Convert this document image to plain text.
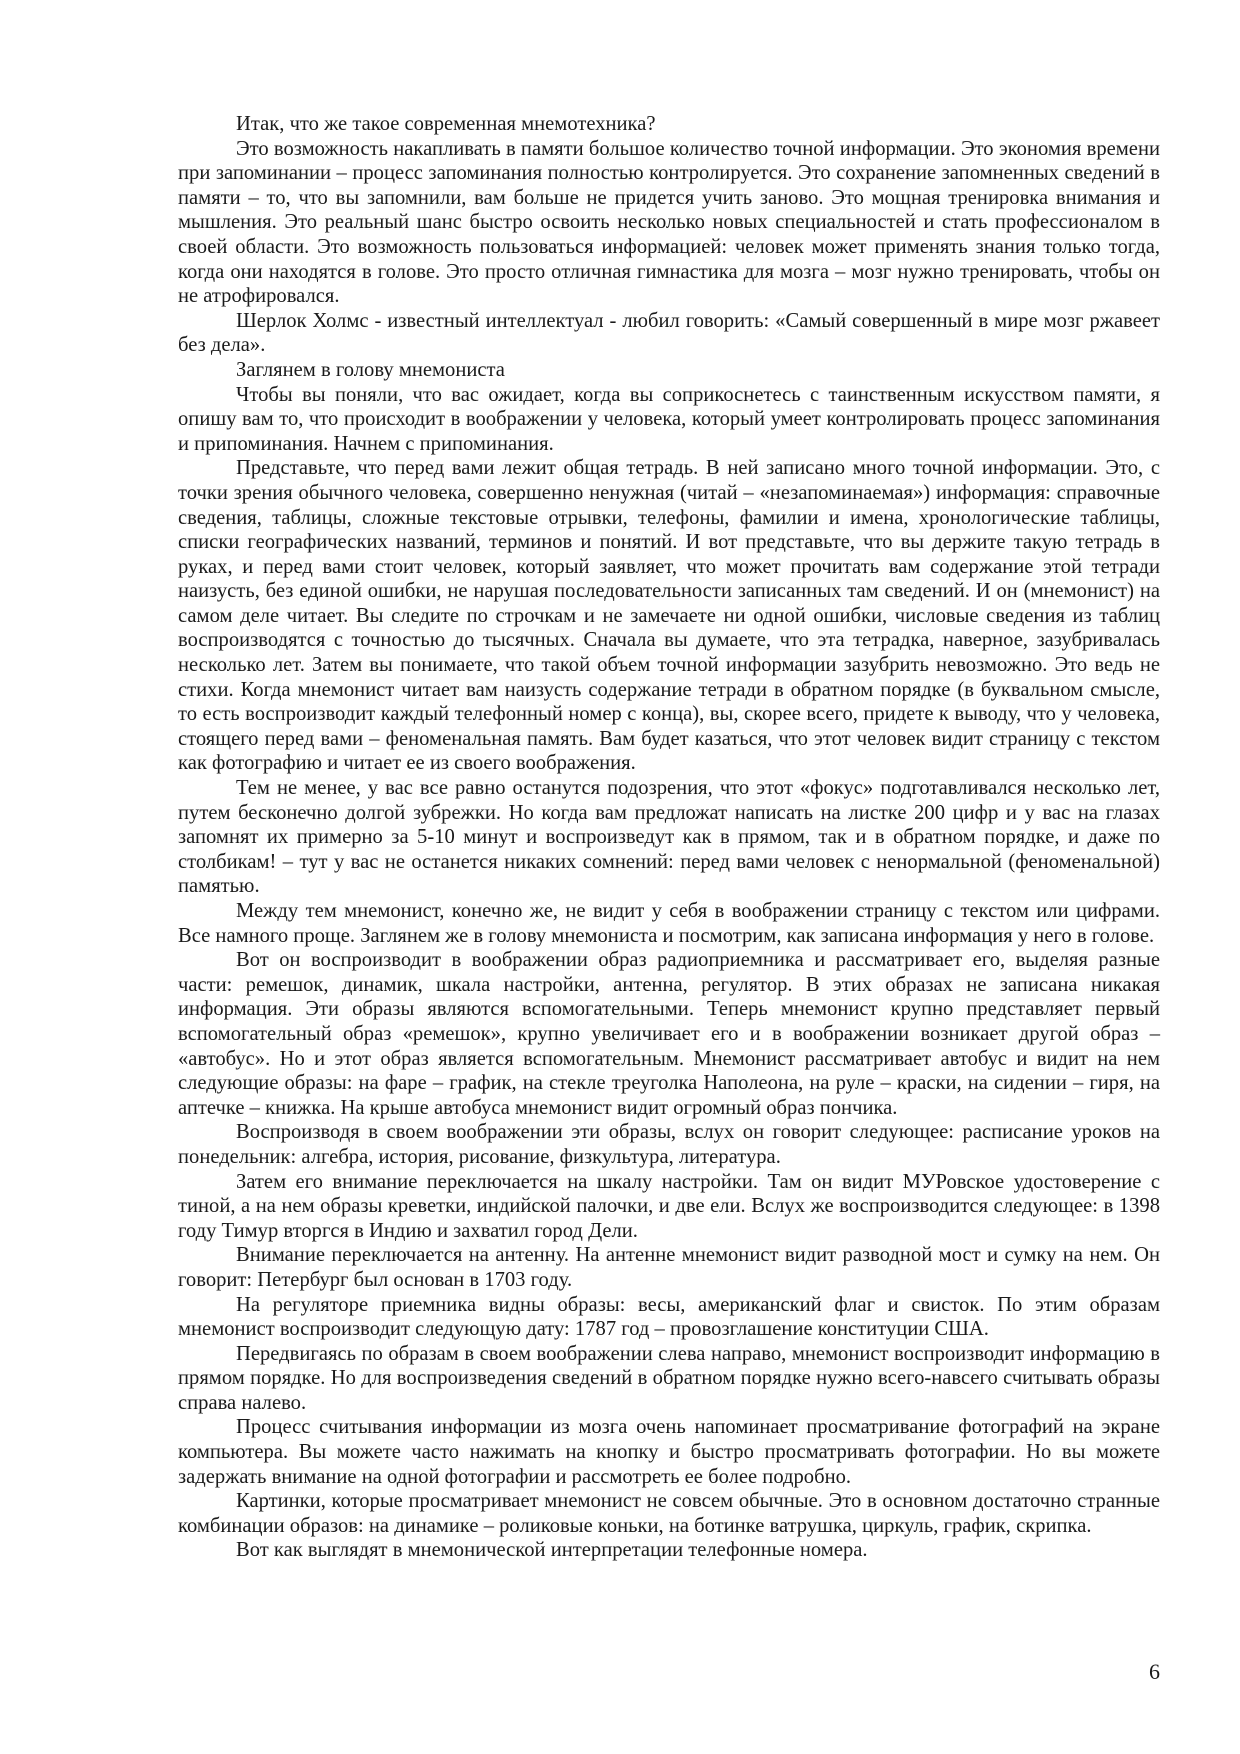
Итак, что же такое современная мнемотехника?

Это возможность накапливать в памяти большое количество точной информации. Это экономия времени при запоминании – процесс запоминания полностью контролируется. Это сохранение запомненных сведений в памяти – то, что вы запомнили, вам больше не придется учить заново. Это мощная тренировка внимания и мышления. Это реальный шанс быстро освоить несколько новых специальностей и стать профессионалом в своей области. Это возможность пользоваться информацией: человек может применять знания только тогда, когда они находятся в голове. Это просто отличная гимнастика для мозга – мозг нужно тренировать, чтобы он не атрофировался.

Шерлок Холмс - известный интеллектуал - любил говорить: «Самый совершенный в мире мозг ржавеет без дела».

Заглянем в голову мнемониста

Чтобы вы поняли, что вас ожидает, когда вы соприкоснетесь с таинственным искусством памяти, я опишу вам то, что происходит в воображении у человека, который умеет контролировать процесс запоминания и припоминания. Начнем с припоминания.

Представьте, что перед вами лежит общая тетрадь. В ней записано много точной информации. Это, с точки зрения обычного человека, совершенно ненужная (читай – «незапоминаемая») информация: справочные сведения, таблицы, сложные текстовые отрывки, телефоны, фамилии и имена, хронологические таблицы, списки географических названий, терминов и понятий. И вот представьте, что вы держите такую тетрадь в руках, и перед вами стоит человек, который заявляет, что может прочитать вам содержание этой тетради наизусть, без единой ошибки, не нарушая последовательности записанных там сведений. И он (мнемонист) на самом деле читает. Вы следите по строчкам и не замечаете ни одной ошибки, числовые сведения из таблиц воспроизводятся с точностью до тысячных. Сначала вы думаете, что эта тетрадка, наверное, зазубривалась несколько лет. Затем вы понимаете, что такой объем точной информации зазубрить невозможно. Это ведь не стихи. Когда мнемонист читает вам наизусть содержание тетради в обратном порядке (в буквальном смысле, то есть воспроизводит каждый телефонный номер с конца), вы, скорее всего, придете к выводу, что у человека, стоящего перед вами – феноменальная память. Вам будет казаться, что этот человек видит страницу с текстом как фотографию и читает ее из своего воображения.

Тем не менее, у вас все равно останутся подозрения, что этот «фокус» подготавливался несколько лет, путем бесконечно долгой зубрежки. Но когда вам предложат написать на листке 200 цифр и у вас на глазах запомнят их примерно за 5-10 минут и воспроизведут как в прямом, так и в обратном порядке, и даже по столбикам! – тут у вас не останется никаких сомнений: перед вами человек с ненормальной (феноменальной) памятью.

Между тем мнемонист, конечно же, не видит у себя в воображении страницу с текстом или цифрами. Все намного проще. Заглянем же в голову мнемониста и посмотрим, как записана информация у него в голове.

Вот он воспроизводит в воображении образ радиоприемника и рассматривает его, выделяя разные части: ремешок, динамик, шкала настройки, антенна, регулятор. В этих образах не записана никакая информация. Эти образы являются вспомогательными. Теперь мнемонист крупно представляет первый вспомогательный образ «ремешок», крупно увеличивает его и в воображении возникает другой образ – «автобус». Но и этот образ является вспомогательным. Мнемонист рассматривает автобус и видит на нем следующие образы: на фаре – график, на стекле треуголка Наполеона, на руле – краски, на сидении – гиря, на аптечке – книжка. На крыше автобуса мнемонист видит огромный образ пончика.

Воспроизводя в своем воображении эти образы, вслух он говорит следующее: расписание уроков на понедельник: алгебра, история, рисование, физкультура, литература.

Затем его внимание переключается на шкалу настройки. Там он видит МУРовское удостоверение с тиной, а на нем образы креветки, индийской палочки, и две ели. Вслух же воспроизводится следующее: в 1398 году Тимур вторгся в Индию и захватил город Дели.

Внимание переключается на антенну. На антенне мнемонист видит разводной мост и сумку на нем. Он говорит: Петербург был основан в 1703 году.

На регуляторе приемника видны образы: весы, американский флаг и свисток. По этим образам мнемонист воспроизводит следующую дату: 1787 год – провозглашение конституции США.

Передвигаясь по образам в своем воображении слева направо, мнемонист воспроизводит информацию в прямом порядке. Но для воспроизведения сведений в обратном порядке нужно всего-навсего считывать образы справа налево.

Процесс считывания информации из мозга очень напоминает просматривание фотографий на экране компьютера. Вы можете часто нажимать на кнопку и быстро просматривать фотографии. Но вы можете задержать внимание на одной фотографии и рассмотреть ее более подробно.

Картинки, которые просматривает мнемонист не совсем обычные. Это в основном достаточно странные комбинации образов: на динамике – роликовые коньки, на ботинке ватрушка, циркуль, график, скрипка.

Вот как выглядят в мнемонической интерпретации телефонные номера.

6
